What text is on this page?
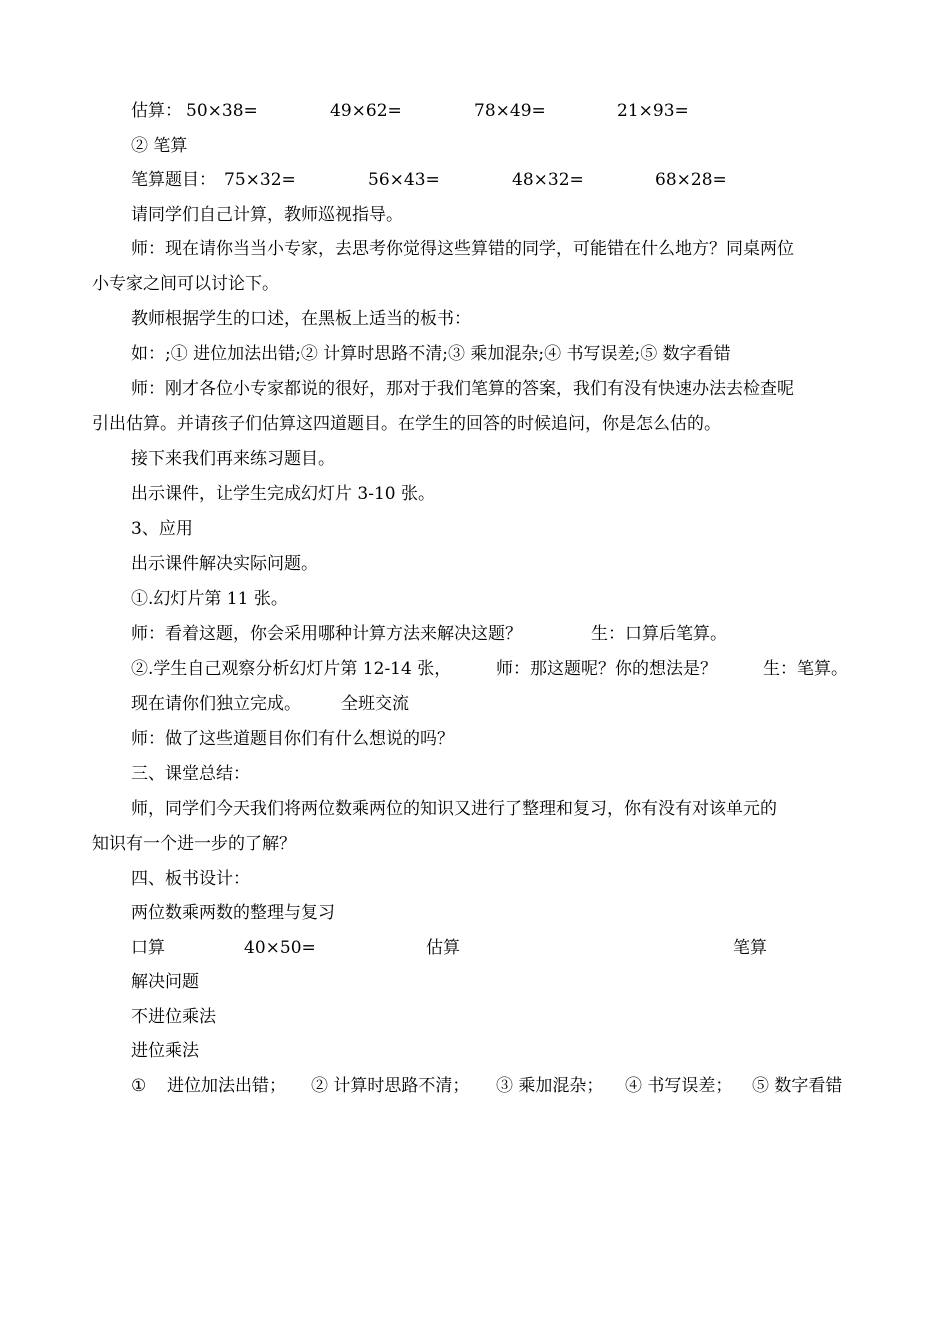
估算： 50×38=	49×62=	78×49=	21×93=
② 笔算
笔算题目： 75×32=	56×43=	48×32=	68×28=
请同学们自己计算，教师巡视指导。
师：现在请你当当小专家，去思考你觉得这些算错的同学，可能错在什么地方？同桌两位
小专家之间可以讨论下。
教师根据学生的口述，在黑板上适当的板书：
如：;① 进位加法出错;② 计算时思路不清;③ 乘加混杂;④ 书写误差;⑤ 数字看错
师：刚才各位小专家都说的很好，那对于我们笔算的答案，我们有没有快速办法去检查呢
引出估算。并请孩子们估算这四道题目。在学生的回答的时候追问，你是怎么估的。
接下来我们再来练习题目。
出示课件，让学生完成幻灯片 3-10 张。
3、应用
出示课件解决实际问题。
①.幻灯片第 11 张。
师：看着这题，你会采用哪种计算方法来解决这题？	生：口算后笔算。
②.学生自己观察分析幻灯片第 12-14 张，	师：那这题呢？你的想法是？	生：笔算。
现在请你们独立完成。 全班交流
师：做了这些道题目你们有什么想说的吗？
三、课堂总结：
师，同学们今天我们将两位数乘两位的知识又进行了整理和复习，你有没有对该单元的
知识有一个进一步的了解？
四、板书设计：
两位数乘两数的整理与复习
口算	40×50=	估算	笔算
解决问题
不进位乘法
进位乘法
① 进位加法出错； ② 计算时思路不清； ③ 乘加混杂； ④ 书写误差； ⑤ 数字看错
